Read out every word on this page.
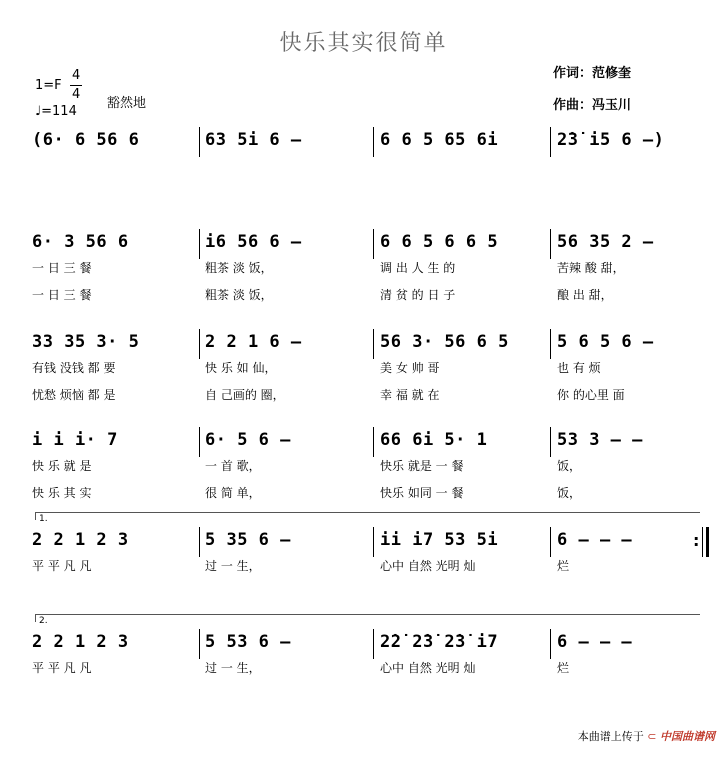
快乐其实很简单
作词：范修奎
作曲：冯玉川
1=F
4
4
♩=114
豁然地
(6· 6 56 6	63 5i 6 –	6 6 5 65 6i	2̇3̇ i5 6 –)
6· 3 56 6
一 日 三 餐
一 日 三 餐
i6 56 6 –
粗茶 淡 饭，
粗茶 淡 饭，
6 6 5 6 6 5
调 出 人 生 的
清 贫 的 日 子
56 35 2 –
苦辣 酸 甜，
酿 出 甜，
33 35 3· 5
有钱 没钱 都 要
忧愁 烦恼 都 是
2 2 1 6 –
快 乐 如 仙，
自 己画的 圈，
56 3· 56 6 5
美 女 帅 哥
幸 福 就 在
5 6 5 6 –
也 有 烦
你 的心里 面
i i i· 7
快 乐 就 是
快 乐 其 实
6· 5 6 –
一 首 歌，
很 简 单，
66 6i 5· 1
快乐 就是 一 餐
快乐 如同 一 餐
53 3 – –
饭，
饭，
1.
:
2 2 1 2 3
平 平 凡 凡
5 35 6 –
过 一 生，
ii i7 53 5i
心中 自然 光明 灿
6 – – –
烂
2.
2 2 1 2 3
平 平 凡 凡
5 53 6 –
过 一 生，
2̇2̇ 2̇3̇ 2̇3̇ i7
心中 自然 光明 灿
6 – – –
烂
本曲谱上传于 ⊂ 中国曲谱网
